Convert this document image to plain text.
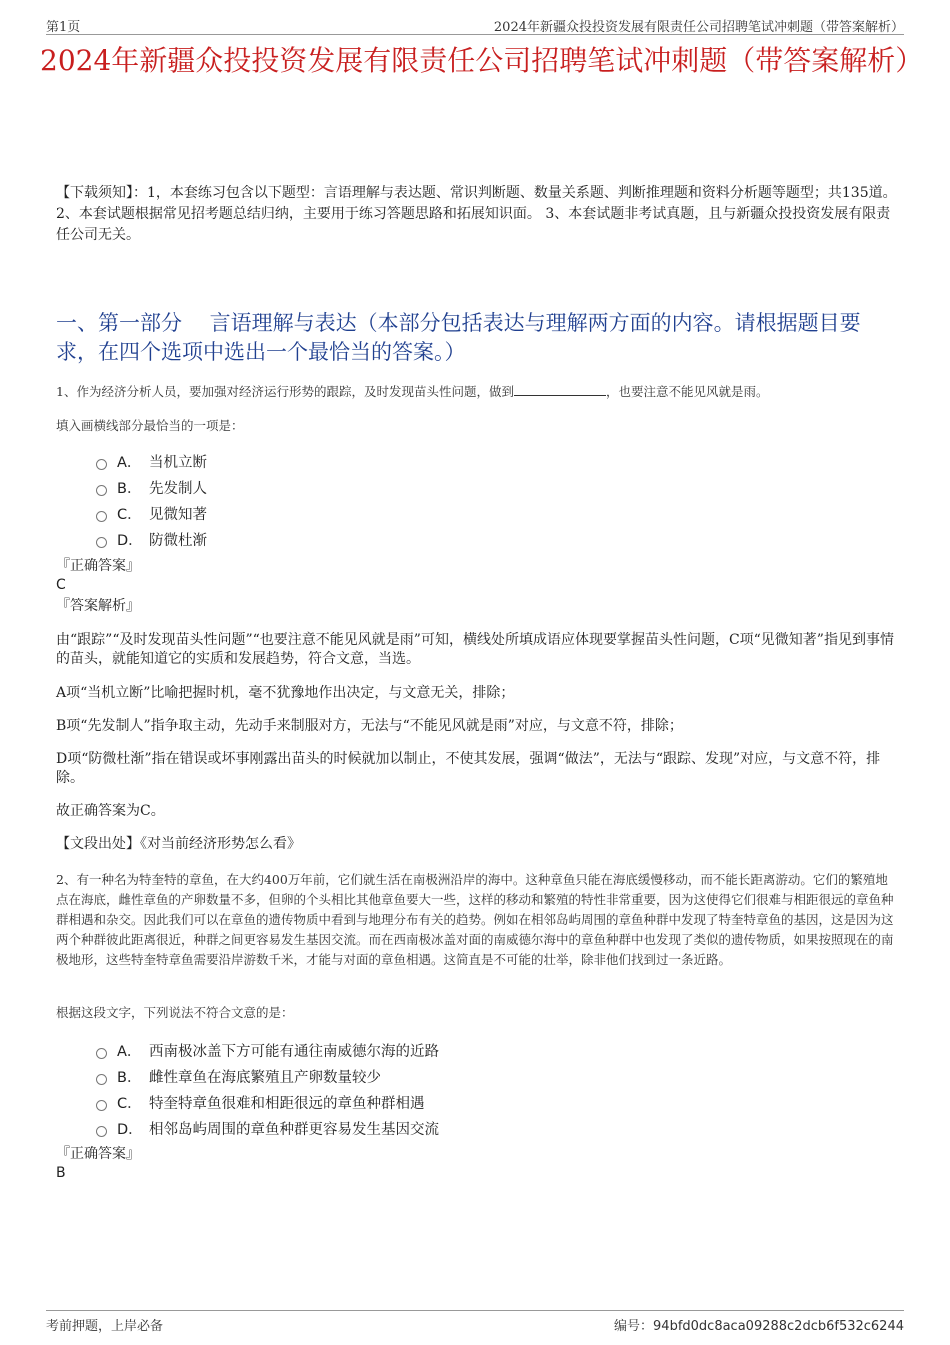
第1页	2024年新疆众投投资发展有限责任公司招聘笔试冲刺题（带答案解析）
2024年新疆众投投资发展有限责任公司招聘笔试冲刺题（带答案解析）
【下载须知】：1，本套练习包含以下题型：言语理解与表达题、常识判断题、数量关系题、判断推理题和资料分析题等题型；共135道。 2、本套试题根据常见招考题总结归纳，主要用于练习答题思路和拓展知识面。 3、本套试题非考试真题，且与新疆众投投资发展有限责任公司无关。
一、第一部分　 言语理解与表达（本部分包括表达与理解两方面的内容。请根据题目要求，在四个选项中选出一个最恰当的答案。）
1、作为经济分析人员，要加强对经济运行形势的跟踪，及时发现苗头性问题，做到	，也要注意不能见风就是雨。
填入画横线部分最恰当的一项是：
A． 当机立断
B． 先发制人
C． 见微知著
D． 防微杜渐
『正确答案』
C
『答案解析』
由“跟踪”“及时发现苗头性问题”“也要注意不能见风就是雨”可知，横线处所填成语应体现要掌握苗头性问题，C项“见微知著”指见到事情的苗头，就能知道它的实质和发展趋势，符合文意，当选。
A项“当机立断”比喻把握时机，毫不犹豫地作出决定，与文意无关，排除；
B项“先发制人”指争取主动，先动手来制服对方，无法与“不能见风就是雨”对应，与文意不符，排除；
D项“防微杜渐”指在错误或坏事刚露出苗头的时候就加以制止，不使其发展，强调“做法”，无法与“跟踪、发现”对应，与文意不符，排除。
故正确答案为C。
【文段出处】《对当前经济形势怎么看》
2、有一种名为特奎特的章鱼，在大约400万年前，它们就生活在南极洲沿岸的海中。这种章鱼只能在海底缓慢移动，而不能长距离游动。它们的繁殖地点在海底，雌性章鱼的产卵数量不多，但卵的个头相比其他章鱼要大一些，这样的移动和繁殖的特性非常重要，因为这使得它们很难与相距很远的章鱼种群相遇和杂交。因此我们可以在章鱼的遗传物质中看到与地理分布有关的趋势。例如在相邻岛屿周围的章鱼种群中发现了特奎特章鱼的基因，这是因为这两个种群彼此距离很近，种群之间更容易发生基因交流。而在西南极冰盖对面的南威德尔海中的章鱼种群中也发现了类似的遗传物质，如果按照现在的南极地形，这些特奎特章鱼需要沿岸游数千米，才能与对面的章鱼相遇。这简直是不可能的壮举，除非他们找到过一条近路。
根据这段文字，下列说法不符合文意的是：
A． 西南极冰盖下方可能有通往南威德尔海的近路
B． 雌性章鱼在海底繁殖且产卵数量较少
C． 特奎特章鱼很难和相距很远的章鱼种群相遇
D． 相邻岛屿周围的章鱼种群更容易发生基因交流
『正确答案』
B
考前押题，上岸必备	编号：94bfd0dc8aca09288c2dcb6f532c6244
